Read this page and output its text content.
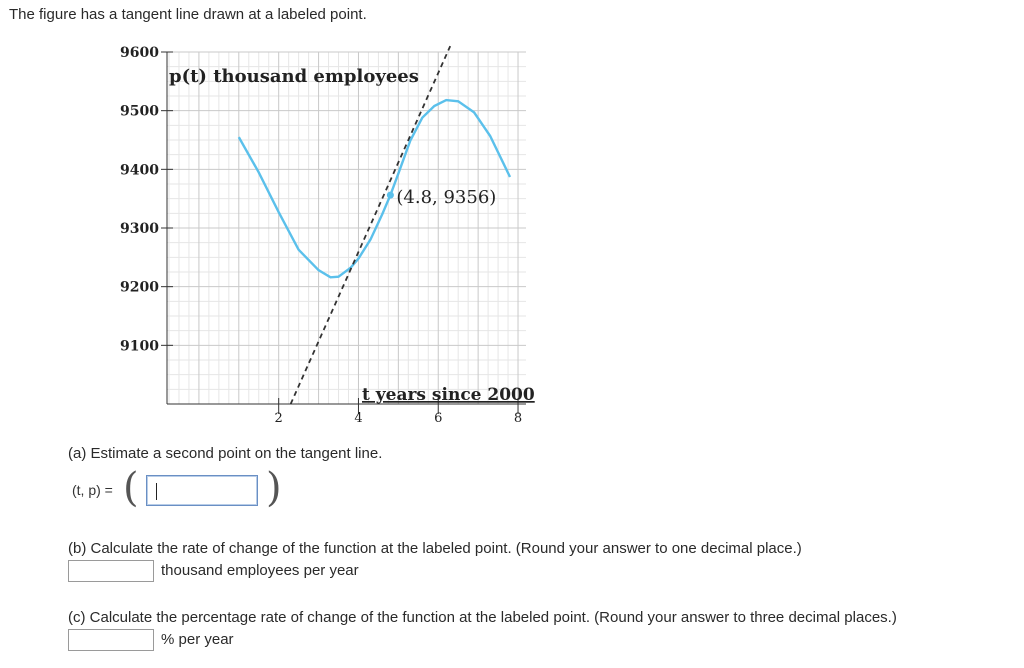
The figure has a tangent line drawn at a labeled point.
9100
9200
9300
9400
9500
9600
2	4	6	8
(4.8, 9356)
p(t) thousand employees
t years since 2000
(a) Estimate a second point on the tangent line.
(t, p) = (	)
(b) Calculate the rate of change of the function at the labeled point. (Round your answer to one decimal place.)
thousand employees per year
(c) Calculate the percentage rate of change of the function at the labeled point. (Round your answer to three decimal places.)
% per year
